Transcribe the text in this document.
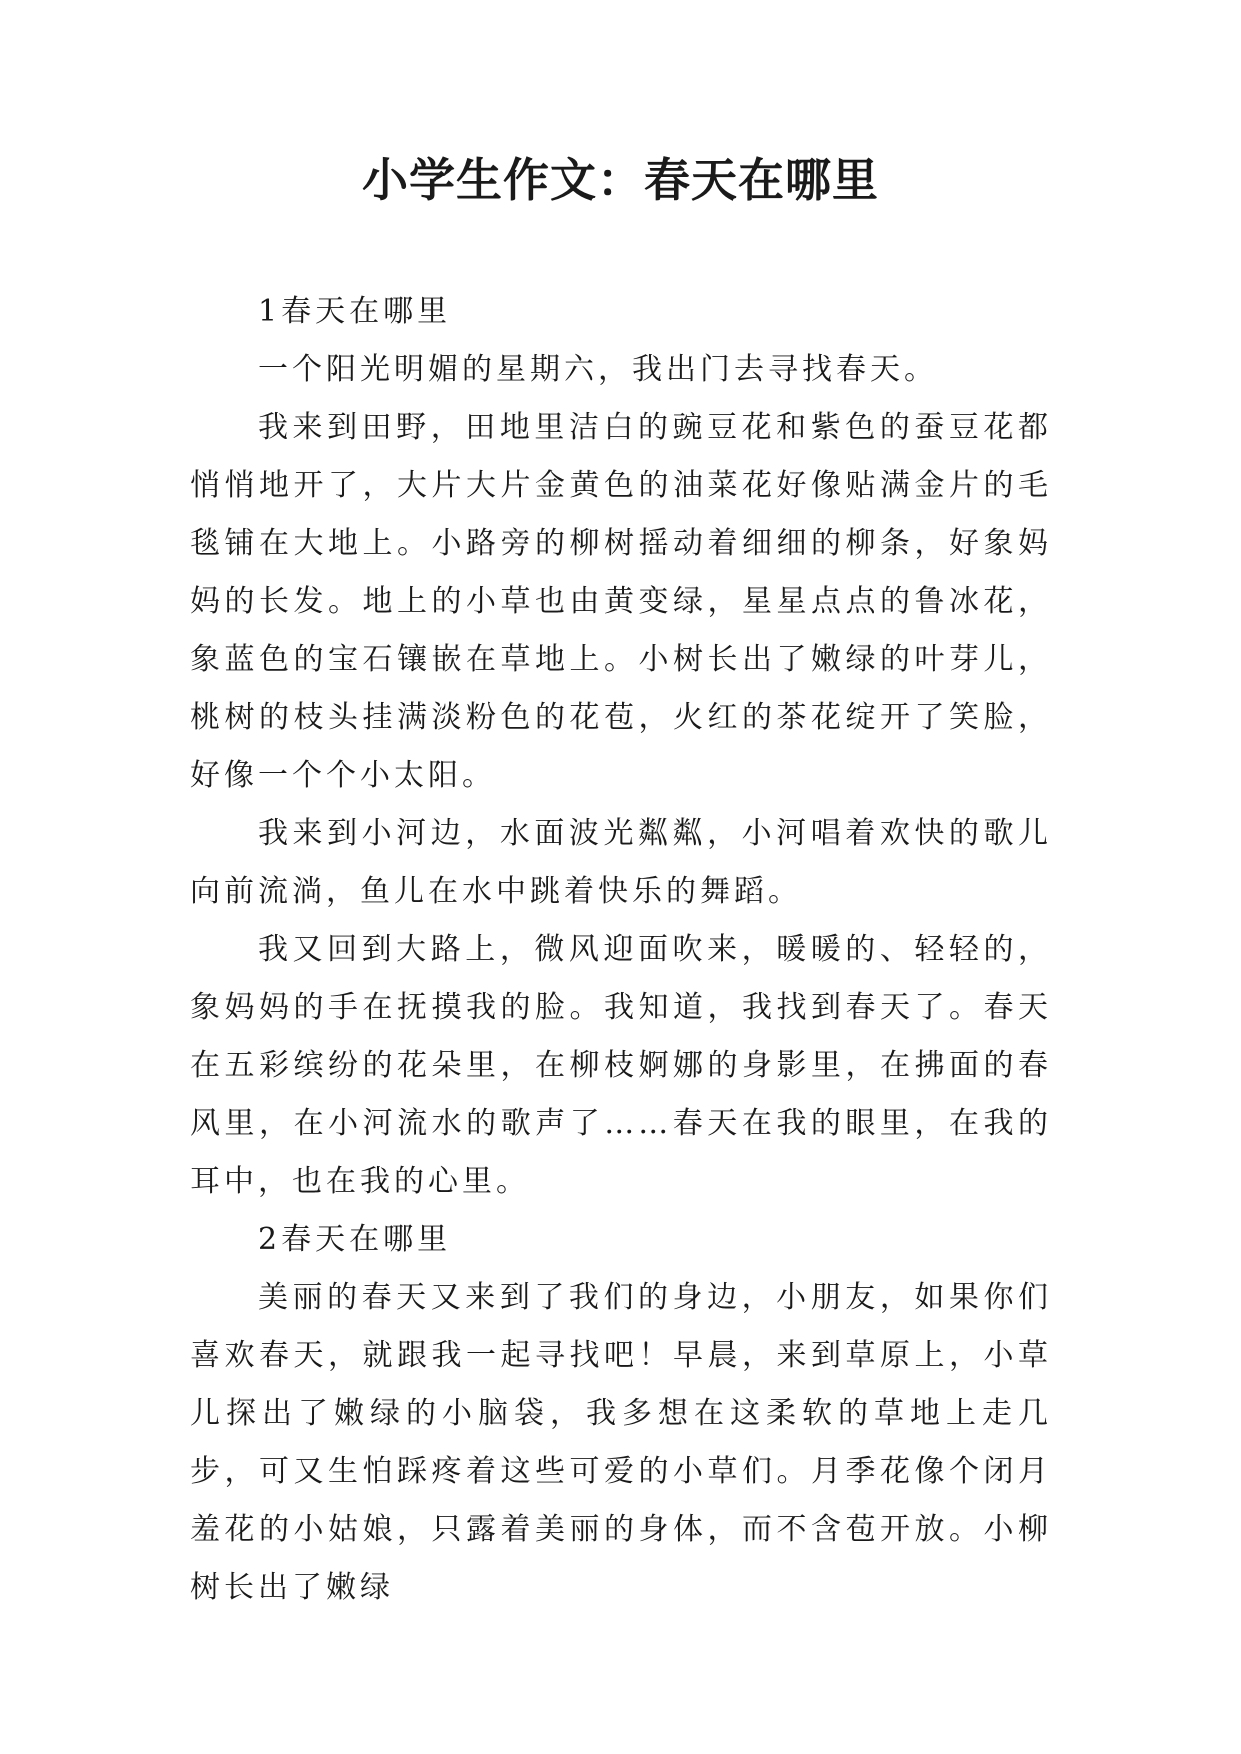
小学生作文：春天在哪里

1春天在哪里

一个阳光明媚的星期六，我出门去寻找春天。

我来到田野，田地里洁白的豌豆花和紫色的蚕豆花都悄悄地开了，大片大片金黄色的油菜花好像贴满金片的毛毯铺在大地上。小路旁的柳树摇动着细细的柳条，好象妈妈的长发。地上的小草也由黄变绿，星星点点的鲁冰花，象蓝色的宝石镶嵌在草地上。小树长出了嫩绿的叶芽儿，桃树的枝头挂满淡粉色的花苞，火红的茶花绽开了笑脸，好像一个个小太阳。

我来到小河边，水面波光粼粼，小河唱着欢快的歌儿向前流淌，鱼儿在水中跳着快乐的舞蹈。

我又回到大路上，微风迎面吹来，暖暖的、轻轻的，象妈妈的手在抚摸我的脸。我知道，我找到春天了。春天在五彩缤纷的花朵里，在柳枝婀娜的身影里，在拂面的春风里，在小河流水的歌声了……春天在我的眼里，在我的耳中，也在我的心里。

2春天在哪里

美丽的春天又来到了我们的身边，小朋友，如果你们喜欢春天，就跟我一起寻找吧！早晨，来到草原上，小草儿探出了嫩绿的小脑袋，我多想在这柔软的草地上走几步，可又生怕踩疼着这些可爱的小草们。月季花像个闭月羞花的小姑娘，只露着美丽的身体，而不含苞开放。小柳树长出了嫩绿
